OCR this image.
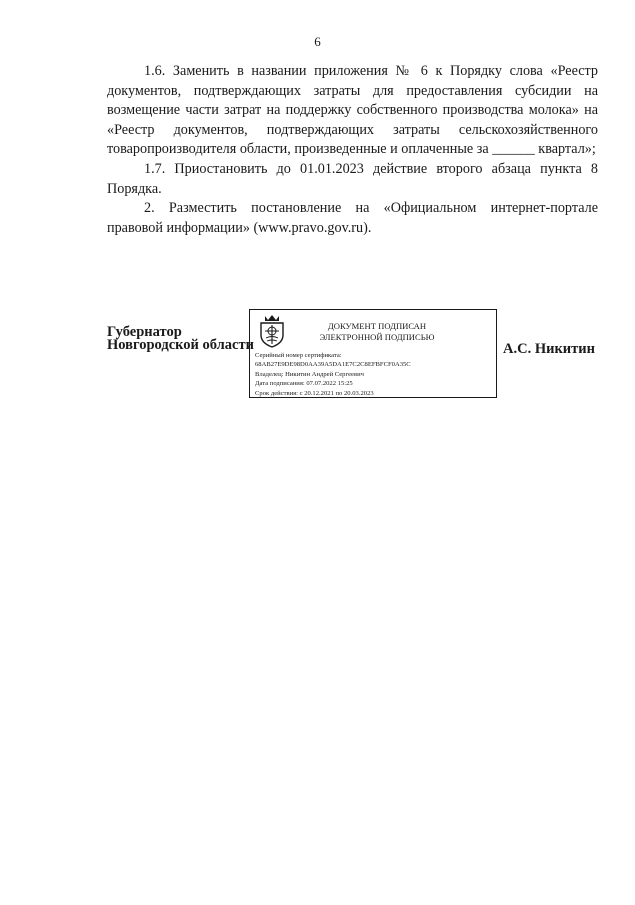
6

1.6. Заменить в названии приложения № 6 к Порядку слова «Реестр документов, подтверждающих затраты для предоставления субсидии на возмещение части затрат на поддержку собственного производства молока» на «Реестр документов, подтверждающих затраты сельскохозяйственного товаропроизводителя области, произведенные и оплаченные за ______ квартал»;

1.7. Приостановить до 01.01.2023 действие второго абзаца пункта 8 Порядка.

2. Разместить постановление на «Официальном интернет-портале правовой информации» (www.pravo.gov.ru).

Губернатор
Новгородской области
ДОКУМЕНТ ПОДПИСАН
ЭЛЕКТРОННОЙ ПОДПИСЬЮ
Серийный номер сертификата:
68AB27E9DE98D0AA39A5DA1E7C2C8EFBFCF0A35C
Владелец: Никитин Андрей Сергеевич
Дата подписания: 07.07.2022 15:25
Срок действия: с 20.12.2021 по 20.03.2023
А.С. Никитин
